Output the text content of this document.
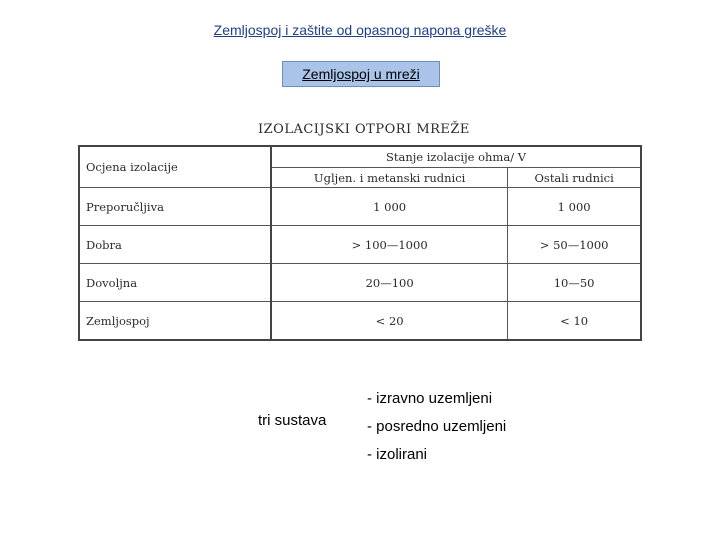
Zemljospoj i zaštite od opasnog napona greške
Zemljospoj u mreži
IZOLACIJSKI OTPORI MREŽE
Ocjena izolacije	Stanje izolacije ohma/ V	
	Ugljen. i metanski rudnici	Ostali rudnici
Preporučljiva	1 000	1 000
Dobra	> 100—1000	> 50—1000
Dovoljna	20—100	10—50
Zemljospoj	< 20	< 10
tri sustava
- izravno uzemljeni
- posredno uzemljeni
- izolirani
